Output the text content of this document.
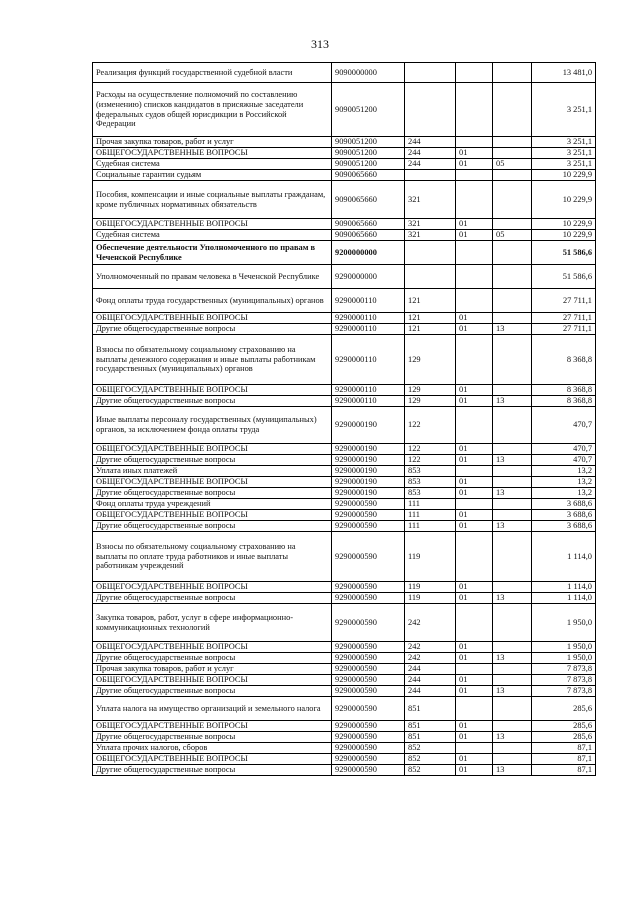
313
Реализация функций государственной судебной власти	9090000000				13 481,0
Расходы на осуществление полномочий по составлению (изменению) списков кандидатов в присяжные заседатели федеральных судов общей юрисдикции в Российской Федерации	9090051200				3 251,1
Прочая закупка товаров, работ и услуг	9090051200	244			3 251,1
ОБЩЕГОСУДАРСТВЕННЫЕ ВОПРОСЫ	9090051200	244	01		3 251,1
Судебная система	9090051200	244	01	05	3 251,1
Социальные гарантии судьям	9090065660				10 229,9
Пособия, компенсации и иные социальные выплаты гражданам, кроме публичных нормативных обязательств	9090065660	321			10 229,9
ОБЩЕГОСУДАРСТВЕННЫЕ ВОПРОСЫ	9090065660	321	01		10 229,9
Судебная система	9090065660	321	01	05	10 229,9
Обеспечение деятельности Уполномоченного по правам в Чеченской Республике	9200000000				51 586,6
Уполномоченный по правам человека в Чеченской Республике	9290000000				51 586,6
Фонд оплаты труда государственных (муниципальных) органов	9290000110	121			27 711,1
ОБЩЕГОСУДАРСТВЕННЫЕ ВОПРОСЫ	9290000110	121	01		27 711,1
Другие общегосударственные вопросы	9290000110	121	01	13	27 711,1
Взносы по обязательному социальному страхованию на выплаты денежного содержания и иные выплаты работникам государственных (муниципальных) органов	9290000110	129			8 368,8
ОБЩЕГОСУДАРСТВЕННЫЕ ВОПРОСЫ	9290000110	129	01		8 368,8
Другие общегосударственные вопросы	9290000110	129	01	13	8 368,8
Иные выплаты персоналу государственных (муниципальных) органов, за исключением фонда оплаты труда	9290000190	122			470,7
ОБЩЕГОСУДАРСТВЕННЫЕ ВОПРОСЫ	9290000190	122	01		470,7
Другие общегосударственные вопросы	9290000190	122	01	13	470,7
Уплата иных платежей	9290000190	853			13,2
ОБЩЕГОСУДАРСТВЕННЫЕ ВОПРОСЫ	9290000190	853	01		13,2
Другие общегосударственные вопросы	9290000190	853	01	13	13,2
Фонд оплаты труда учреждений	9290000590	111			3 688,6
ОБЩЕГОСУДАРСТВЕННЫЕ ВОПРОСЫ	9290000590	111	01		3 688,6
Другие общегосударственные вопросы	9290000590	111	01	13	3 688,6
Взносы по обязательному социальному страхованию на выплаты по оплате труда работников и иные выплаты работникам учреждений	9290000590	119			1 114,0
ОБЩЕГОСУДАРСТВЕННЫЕ ВОПРОСЫ	9290000590	119	01		1 114,0
Другие общегосударственные вопросы	9290000590	119	01	13	1 114,0
Закупка товаров, работ, услуг в сфере информационно-коммуникационных технологий	9290000590	242			1 950,0
ОБЩЕГОСУДАРСТВЕННЫЕ ВОПРОСЫ	9290000590	242	01		1 950,0
Другие общегосударственные вопросы	9290000590	242	01	13	1 950,0
Прочая закупка товаров, работ и услуг	9290000590	244			7 873,8
ОБЩЕГОСУДАРСТВЕННЫЕ ВОПРОСЫ	9290000590	244	01		7 873,8
Другие общегосударственные вопросы	9290000590	244	01	13	7 873,8
Уплата налога на имущество организаций и земельного налога	9290000590	851			285,6
ОБЩЕГОСУДАРСТВЕННЫЕ ВОПРОСЫ	9290000590	851	01		285,6
Другие общегосударственные вопросы	9290000590	851	01	13	285,6
Уплата прочих налогов, сборов	9290000590	852			87,1
ОБЩЕГОСУДАРСТВЕННЫЕ ВОПРОСЫ	9290000590	852	01		87,1
Другие общегосударственные вопросы	9290000590	852	01	13	87,1
